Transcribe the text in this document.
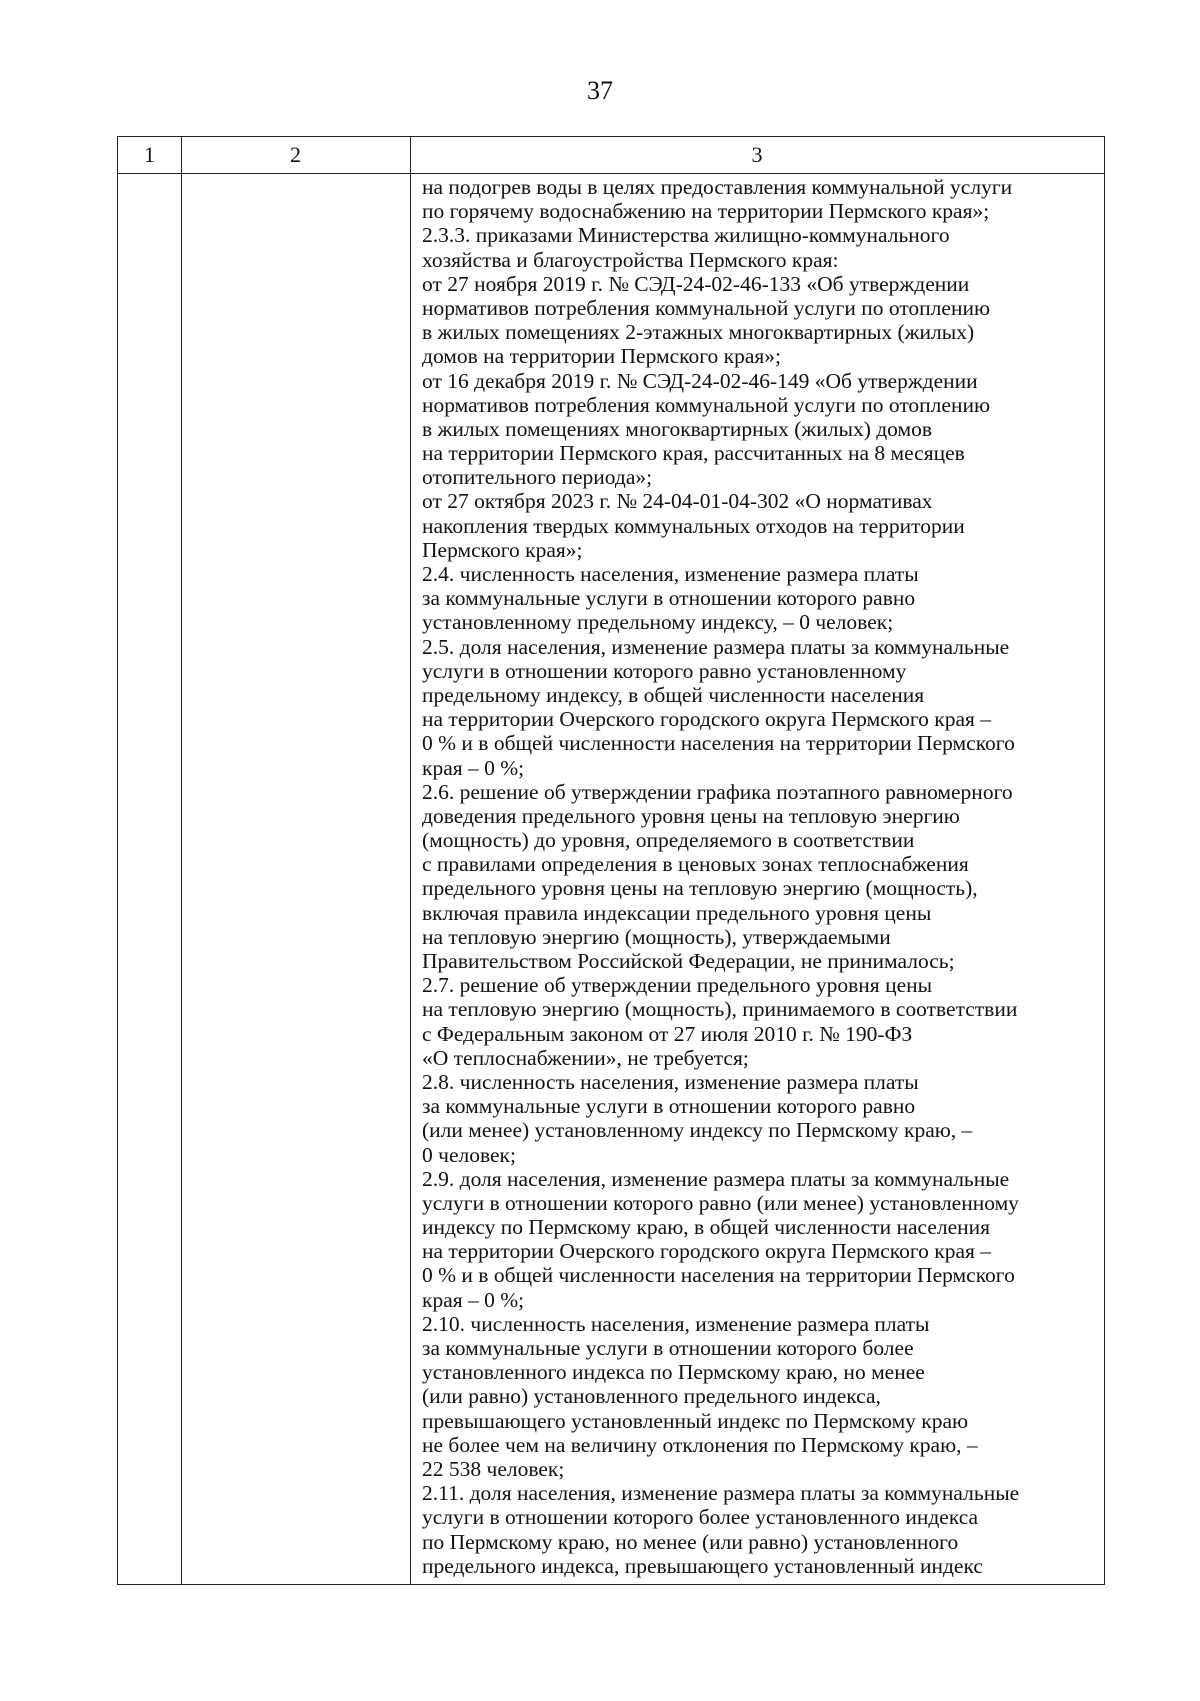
37
1	2	3
на подогрев воды в целях предоставления коммунальной услуги
по горячему водоснабжению на территории Пермского края»;
2.3.3. приказами Министерства жилищно-коммунального
хозяйства и благоустройства Пермского края:
от 27 ноября 2019 г. № СЭД-24-02-46-133 «Об утверждении
нормативов потребления коммунальной услуги по отоплению
в жилых помещениях 2-этажных многоквартирных (жилых)
домов на территории Пермского края»;
от 16 декабря 2019 г. № СЭД-24-02-46-149 «Об утверждении
нормативов потребления коммунальной услуги по отоплению
в жилых помещениях многоквартирных (жилых) домов
на территории Пермского края, рассчитанных на 8 месяцев
отопительного периода»;
от 27 октября 2023 г. № 24-04-01-04-302 «О нормативах
накопления твердых коммунальных отходов на территории
Пермского края»;
2.4. численность населения, изменение размера платы
за коммунальные услуги в отношении которого равно
установленному предельному индексу, – 0 человек;
2.5. доля населения, изменение размера платы за коммунальные
услуги в отношении которого равно установленному
предельному индексу, в общей численности населения
на территории Очерского городского округа Пермского края –
0 % и в общей численности населения на территории Пермского
края – 0 %;
2.6. решение об утверждении графика поэтапного равномерного
доведения предельного уровня цены на тепловую энергию
(мощность) до уровня, определяемого в соответствии
с правилами определения в ценовых зонах теплоснабжения
предельного уровня цены на тепловую энергию (мощность),
включая правила индексации предельного уровня цены
на тепловую энергию (мощность), утверждаемыми
Правительством Российской Федерации, не принималось;
2.7. решение об утверждении предельного уровня цены
на тепловую энергию (мощность), принимаемого в соответствии
с Федеральным законом от 27 июля 2010 г. № 190-ФЗ
«О теплоснабжении», не требуется;
2.8. численность населения, изменение размера платы
за коммунальные услуги в отношении которого равно
(или менее) установленному индексу по Пермскому краю, –
0 человек;
2.9. доля населения, изменение размера платы за коммунальные
услуги в отношении которого равно (или менее) установленному
индексу по Пермскому краю, в общей численности населения
на территории Очерского городского округа Пермского края –
0 % и в общей численности населения на территории Пермского
края – 0 %;
2.10. численность населения, изменение размера платы
за коммунальные услуги в отношении которого более
установленного индекса по Пермскому краю, но менее
(или равно) установленного предельного индекса,
превышающего установленный индекс по Пермскому краю
не более чем на величину отклонения по Пермскому краю, –
22 538 человек;
2.11. доля населения, изменение размера платы за коммунальные
услуги в отношении которого более установленного индекса
по Пермскому краю, но менее (или равно) установленного
предельного индекса, превышающего установленный индекс
